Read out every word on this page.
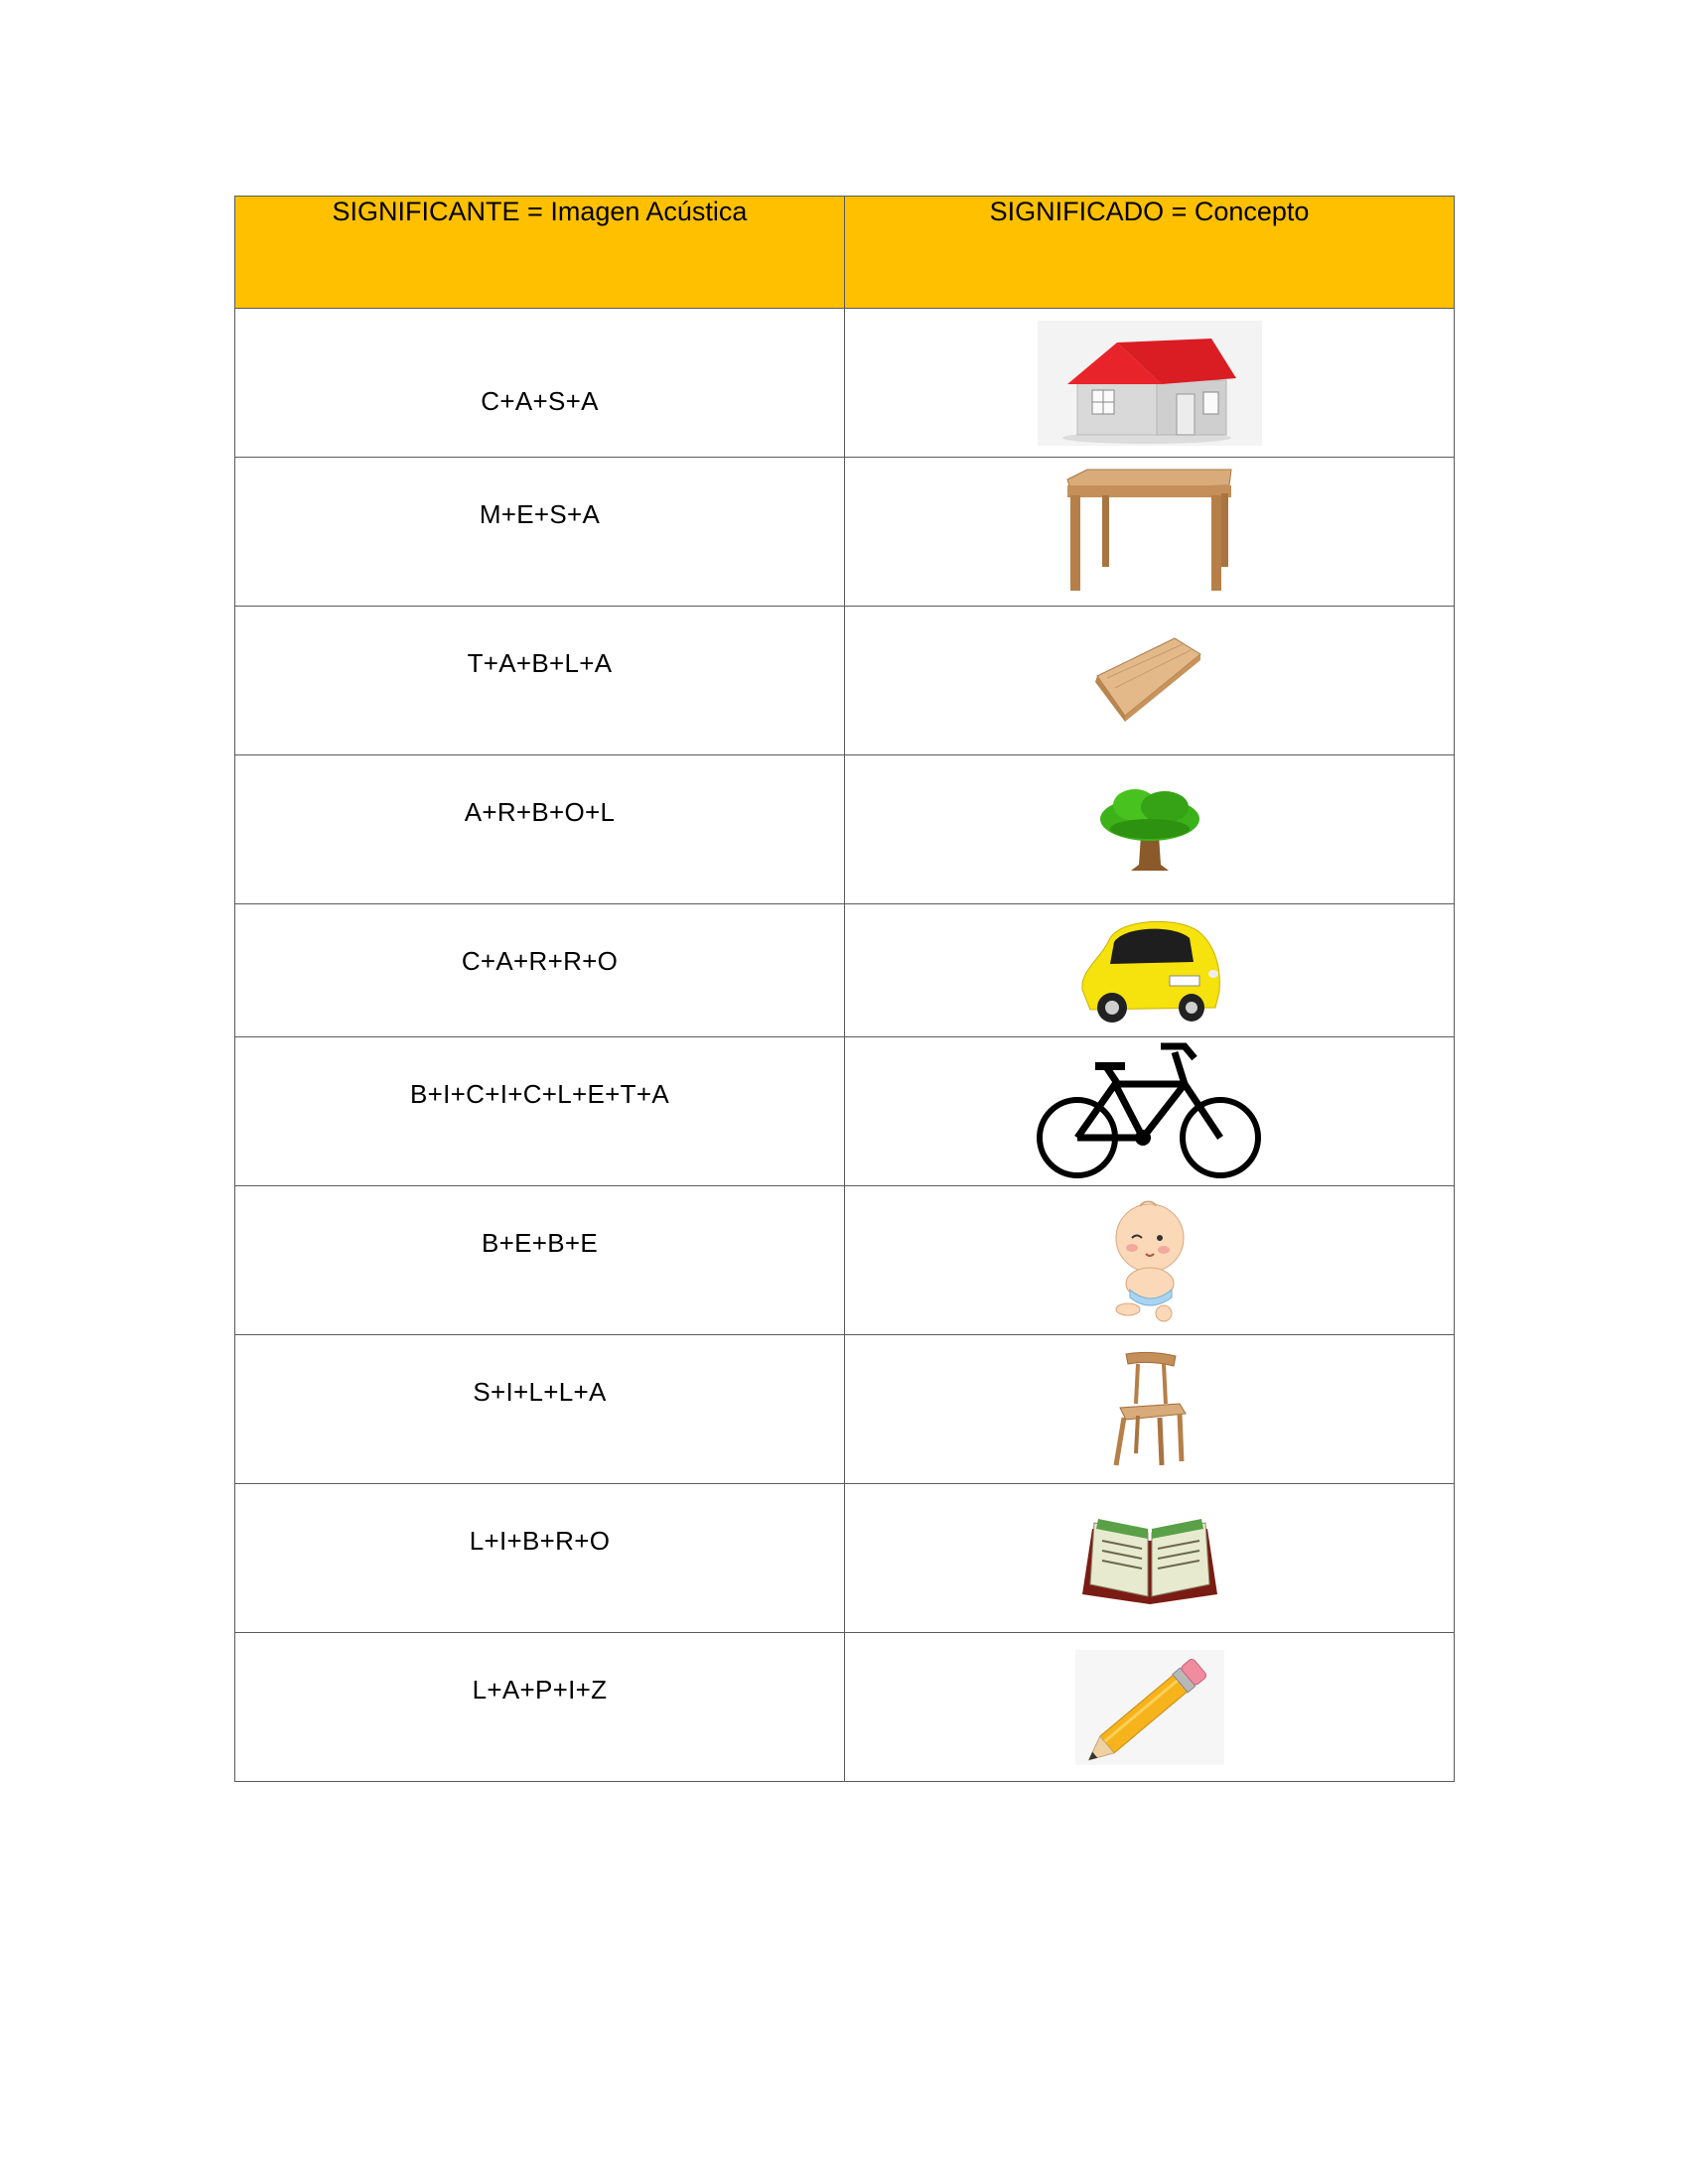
SIGNIFICANTE = Imagen Acústica	SIGNIFICADO = Concepto

C+A+S+A

M+E+S+A

T+A+B+L+A

A+R+B+O+L

C+A+R+R+O

B+I+C+I+C+L+E+T+A

B+E+B+E

S+I+L+L+A

L+I+B+R+O

L+A+P+I+Z
